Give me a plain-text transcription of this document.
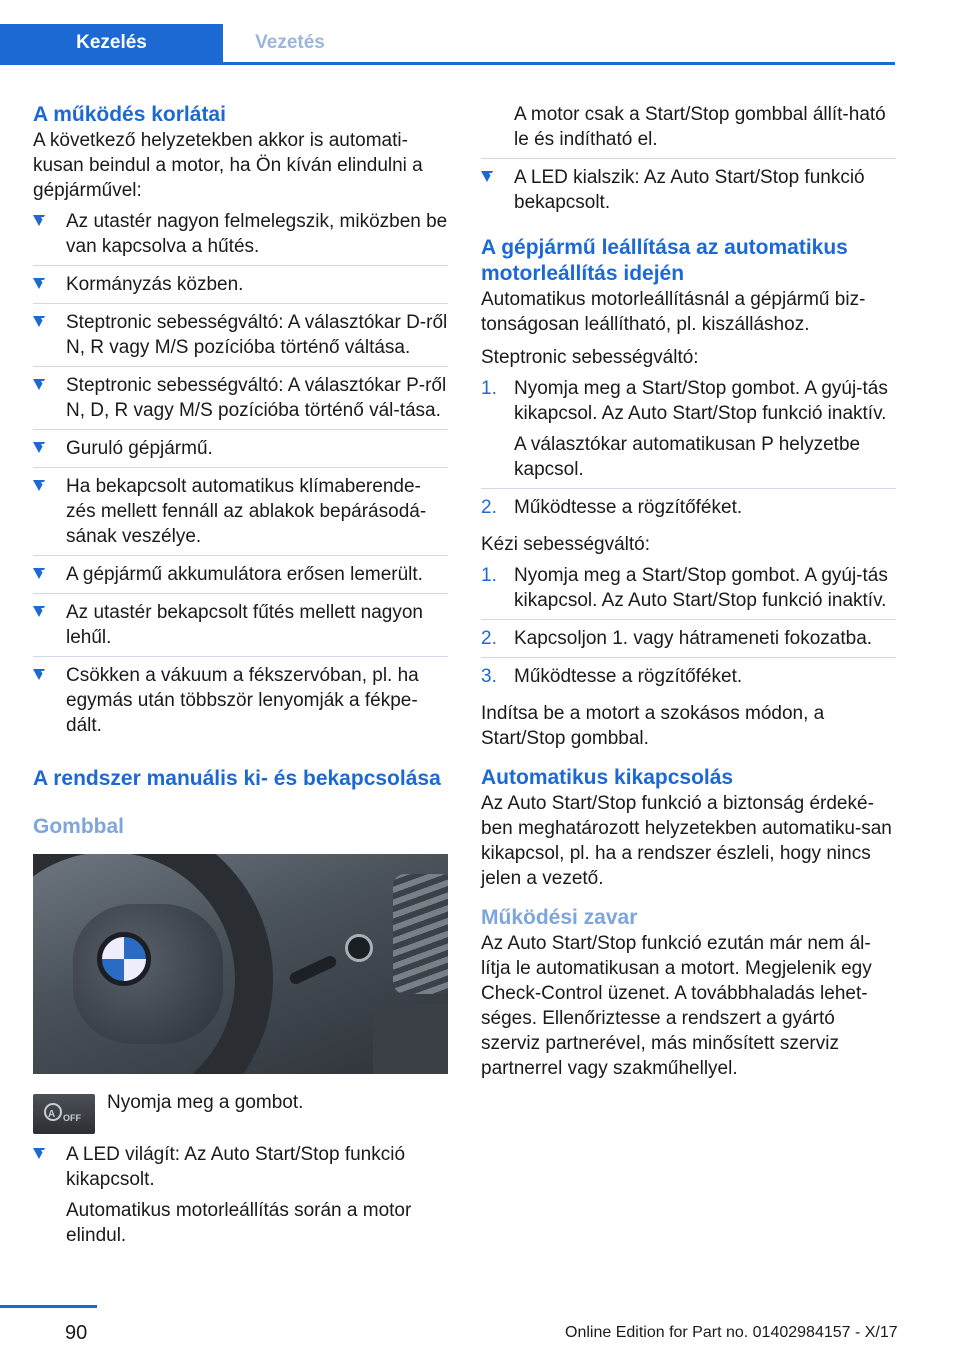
Kezelés	Vezetés
A működés korlátai

A következő helyzetekben akkor is automati-kusan beindul a motor, ha Ön kíván elindulni a gépjárművel:

Az utastér nagyon felmelegszik, miközben be van kapcsolva a hűtés.
Kormányzás közben.
Steptronic sebességváltó: A választókar D-ről N, R vagy M/S pozícióba történő váltása.
Steptronic sebességváltó: A választókar P-ről N, D, R vagy M/S pozícióba történő vál-tása.
Guruló gépjármű.
Ha bekapcsolt automatikus klímaberende-zés mellett fennáll az ablakok bepárásodá-sának veszélye.
A gépjármű akkumulátora erősen lemerült.
Az utastér bekapcsolt fűtés mellett nagyon lehűl.
Csökken a vákuum a fékszervóban, pl. ha egymás után többször lenyomják a fékpe-dált.
A rendszer manuális ki- és bekapcsolása
Gombbal
A
OFF
Nyomja meg a gombot.
A LED világít: Az Auto Start/Stop funkció kikapcsolt.

Automatikus motorleállítás során a motor elindul.

A motor csak a Start/Stop gombbal állít-ható le és indítható el.

A LED kialszik: Az Auto Start/Stop funkció bekapcsolt.
A gépjármű leállítása az automatikus motorleállítás idején

Automatikus motorleállításnál a gépjármű biz-tonságosan leállítható, pl. kiszálláshoz.

Steptronic sebességváltó:

1. Nyomja meg a Start/Stop gombot. A gyúj-tás kikapcsol. Az Auto Start/Stop funkció inaktív.

A választókar automatikusan P helyzetbe kapcsol.

2. Működtesse a rögzítőféket.

Kézi sebességváltó:

1. Nyomja meg a Start/Stop gombot. A gyúj-tás kikapcsol. Az Auto Start/Stop funkció inaktív.
2. Kapcsoljon 1. vagy hátrameneti fokozatba.
3. Működtesse a rögzítőféket.

Indítsa be a motort a szokásos módon, a Start/Stop gombbal.

Automatikus kikapcsolás

Az Auto Start/Stop funkció a biztonság érdeké-ben meghatározott helyzetekben automatiku-san kikapcsol, pl. ha a rendszer észleli, hogy nincs jelen a vezető.

Működési zavar

Az Auto Start/Stop funkció ezután már nem ál-lítja le automatikusan a motort. Megjelenik egy Check-Control üzenet. A továbbhaladás lehet-séges. Ellenőriztesse a rendszert a gyártó szerviz partnerével, más minősített szerviz partnerrel vagy szakműhellyel.

90	Online Edition for Part no. 01402984157 - X/17
